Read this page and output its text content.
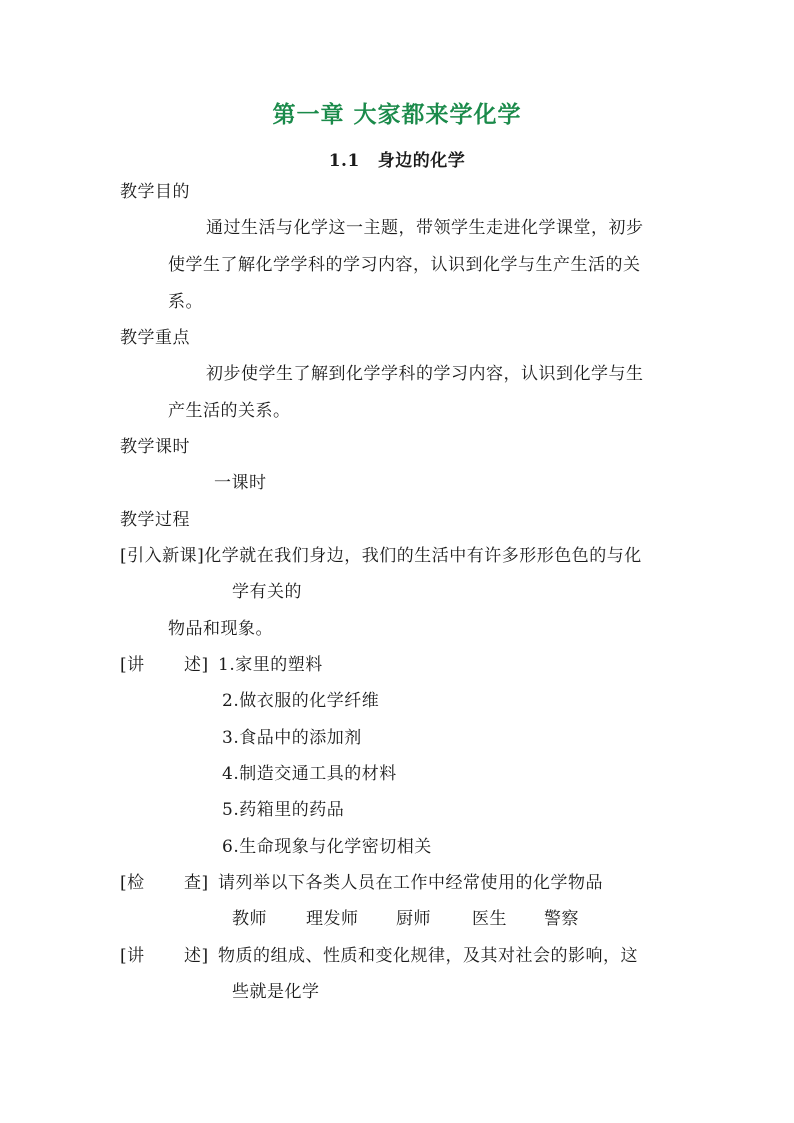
第一章 大家都来学化学
1.1 身边的化学
教学目的
通过生活与化学这一主题，带领学生走进化学课堂，初步
使学生了解化学学科的学习内容，认识到化学与生产生活的关
系。
教学重点
初步使学生了解到化学学科的学习内容，认识到化学与生
产生活的关系。
教学课时
一课时
教学过程
[引入新课]化学就在我们身边，我们的生活中有许多形形色色的与化
学有关的
物品和现象。
[讲 述] 1.家里的塑料
2.做衣服的化学纤维
3.食品中的添加剂
4.制造交通工具的材料
5.药箱里的药品
6.生命现象与化学密切相关
[检 查] 请列举以下各类人员在工作中经常使用的化学物品
教师 理发师 厨师 医生 警察
[讲 述] 物质的组成、性质和变化规律，及其对社会的影响，这
些就是化学
